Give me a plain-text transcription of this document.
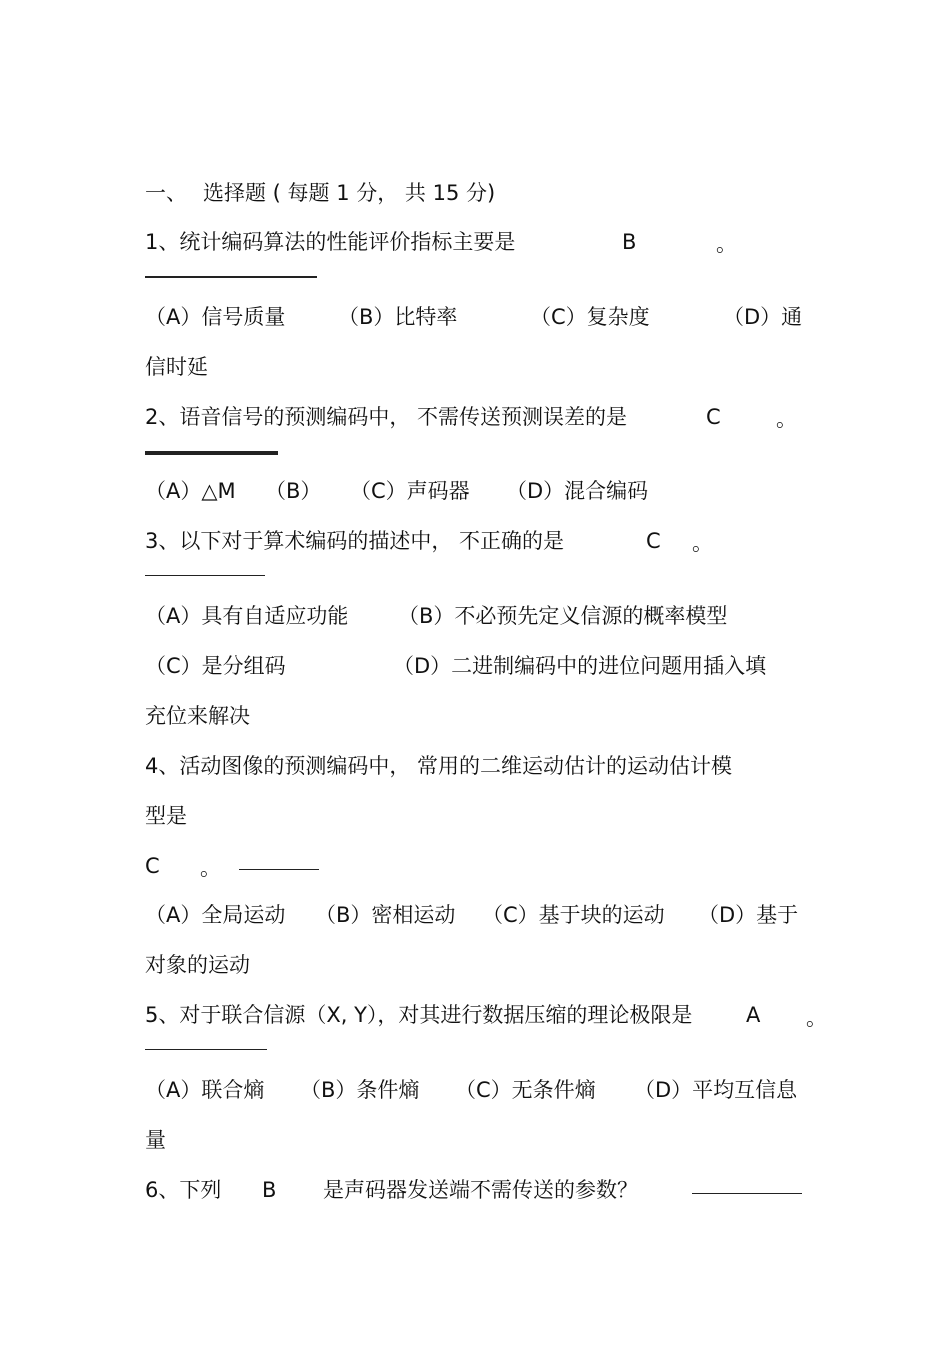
一、 选择题 ( 每题 1 分， 共 15 分)
1、统计编码算法的性能评价指标主要是	B	。
（A）信号质量	（B）比特率	（C）复杂度	（D）通
信时延
2、语音信号的预测编码中， 不需传送预测误差的是	C	。
（A）△M （B） （C）声码器 （D）混合编码
3、以下对于算术编码的描述中， 不正确的是	C 。
（A）具有自适应功能 （B）不必预先定义信源的概率模型
（C）是分组码	（D）二进制编码中的进位问题用插入填
充位来解决
4、活动图像的预测编码中， 常用的二维运动估计的运动估计模
型是
C 。
（A）全局运动 （B）密相运动 （C）基于块的运动 （D）基于
对象的运动
5、对于联合信源（X, Y），对其进行数据压缩的理论极限是	A 。
（A）联合熵 （B）条件熵 （C）无条件熵 （D）平均互信息
量
6、下列 B 是声码器发送端不需传送的参数？
